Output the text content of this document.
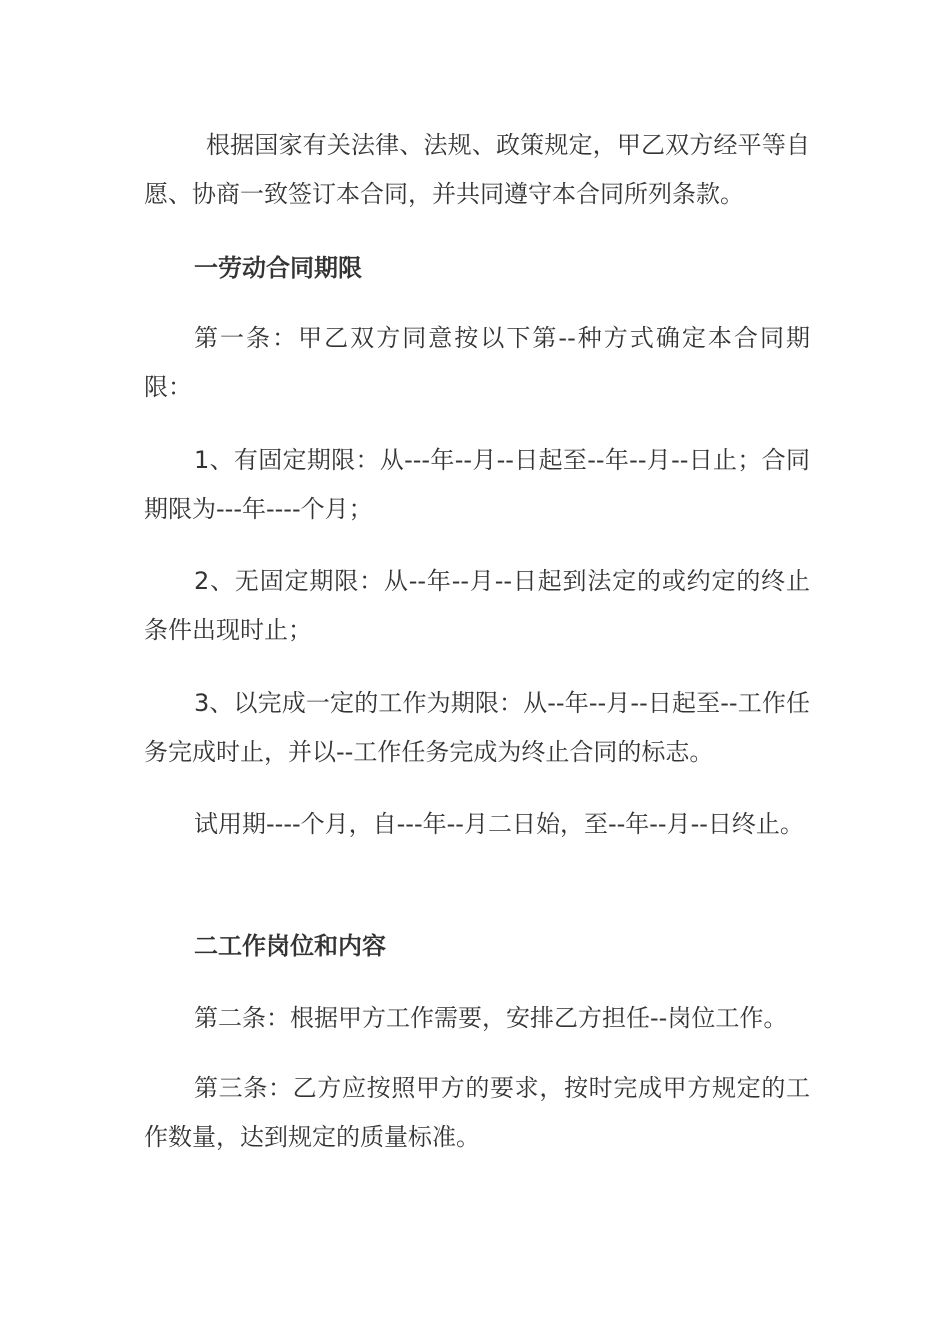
根据国家有关法律、法规、政策规定，甲乙双方经平等自愿、协商一致签订本合同，并共同遵守本合同所列条款。

一劳动合同期限

第一条：甲乙双方同意按以下第--种方式确定本合同期限：

1、有固定期限：从---年--月--日起至--年--月--日止；合同期限为---年----个月；

2、无固定期限：从--年--月--日起到法定的或约定的终止条件出现时止；

3、以完成一定的工作为期限：从--年--月--日起至--工作任务完成时止，并以--工作任务完成为终止合同的标志。

试用期----个月，自---年--月二日始，至--年--月--日终止。

二工作岗位和内容

第二条：根据甲方工作需要，安排乙方担任--岗位工作。

第三条：乙方应按照甲方的要求，按时完成甲方规定的工作数量，达到规定的质量标准。
